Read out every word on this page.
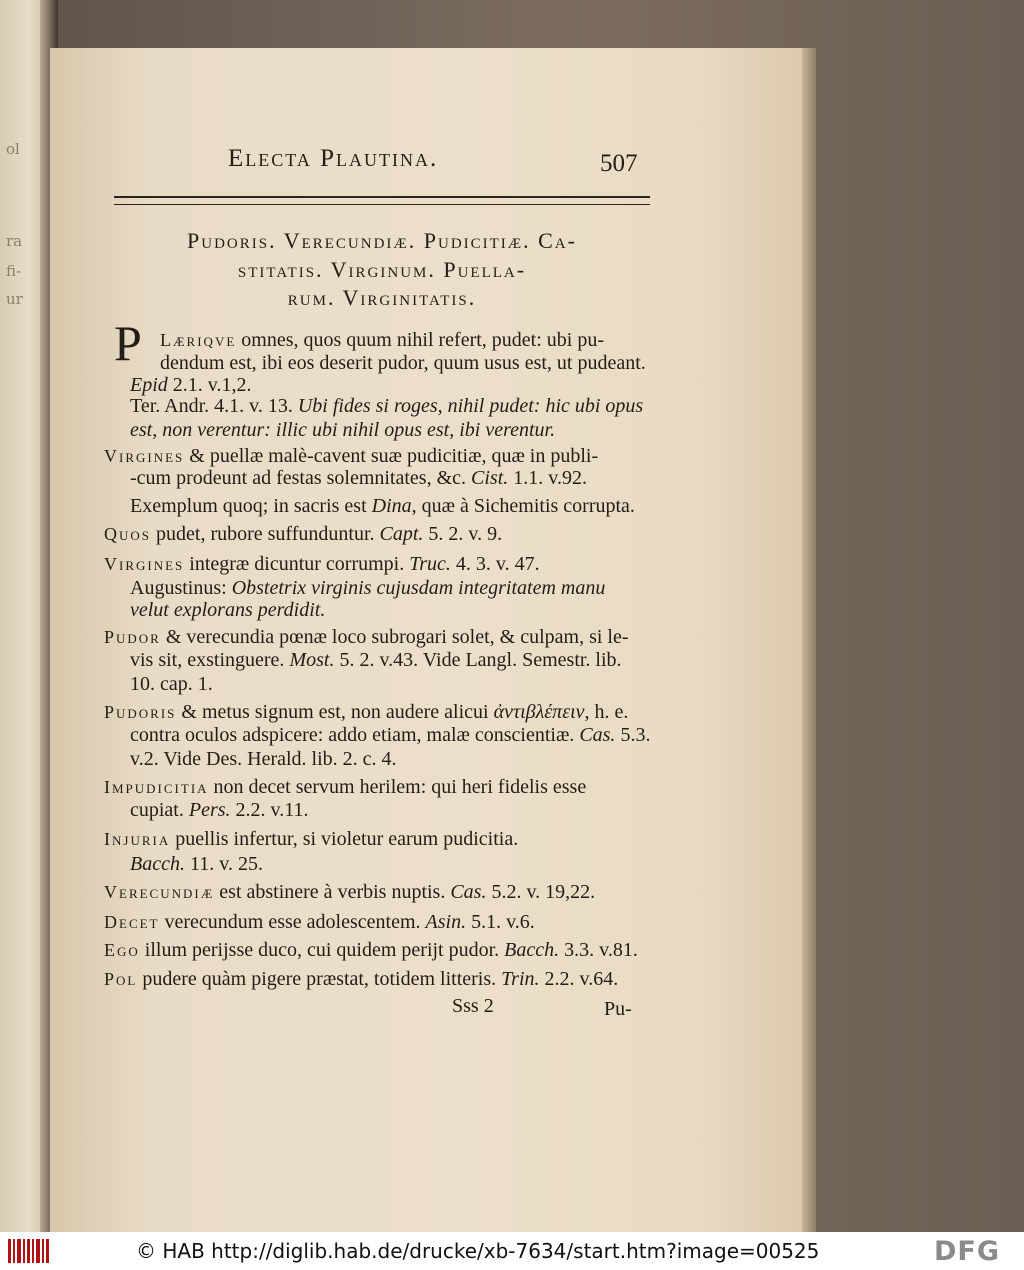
ol
ra
fi-
ur
Electa Plautina.	507
Pudoris. Verecundiæ. Pudicitiæ. Ca-
stitatis. Virginum. Puella-
rum. Virginitatis.
P Læriqve omnes, quos quum nihil refert, pudet: ubi pu-
dendum est, ibi eos deserit pudor, quum usus est, ut pudeant.
Epid 2.1. v.1,2.
Ter. Andr. 4.1. v. 13. Ubi fides si roges, nihil pudet: hic ubi opus
est, non verentur: illic ubi nihil opus est, ibi verentur.
Virgines & puellæ malè-cavent suæ pudicitiæ, quæ in publi-
-cum prodeunt ad festas solemnitates, &c. Cist. 1.1. v.92.
Exemplum quoq; in sacris est Dina, quæ à Sichemitis corrupta.
Quos pudet, rubore suffunduntur. Capt. 5. 2. v. 9.
Virgines integræ dicuntur corrumpi. Truc. 4. 3. v. 47.
Augustinus: Obstetrix virginis cujusdam integritatem manu
velut explorans perdidit.
Pudor & verecundia pœnæ loco subrogari solet, & culpam, si le-
vis sit, exstinguere. Most. 5. 2. v.43. Vide Langl. Semestr. lib.
10. cap. 1.
Pudoris & metus signum est, non audere alicui ἀντιβλέπειν, h. e.
contra oculos adspicere: addo etiam, malæ conscientiæ. Cas. 5.3.
v.2. Vide Des. Herald. lib. 2. c. 4.
Impudicitia non decet servum herilem: qui heri fidelis esse
cupiat. Pers. 2.2. v.11.
Injuria puellis infertur, si violetur earum pudicitia.
Bacch. 11. v. 25.
Verecundiæ est abstinere à verbis nuptis. Cas. 5.2. v. 19,22.
Decet verecundum esse adolescentem. Asin. 5.1. v.6.
Ego illum perijsse duco, cui quidem perijt pudor. Bacch. 3.3. v.81.
Pol pudere quàm pigere præstat, totidem litteris. Trin. 2.2. v.64.
Sss 2	Pu-
© HAB http://diglib.hab.de/drucke/xb-7634/start.htm?image=00525	DFG
